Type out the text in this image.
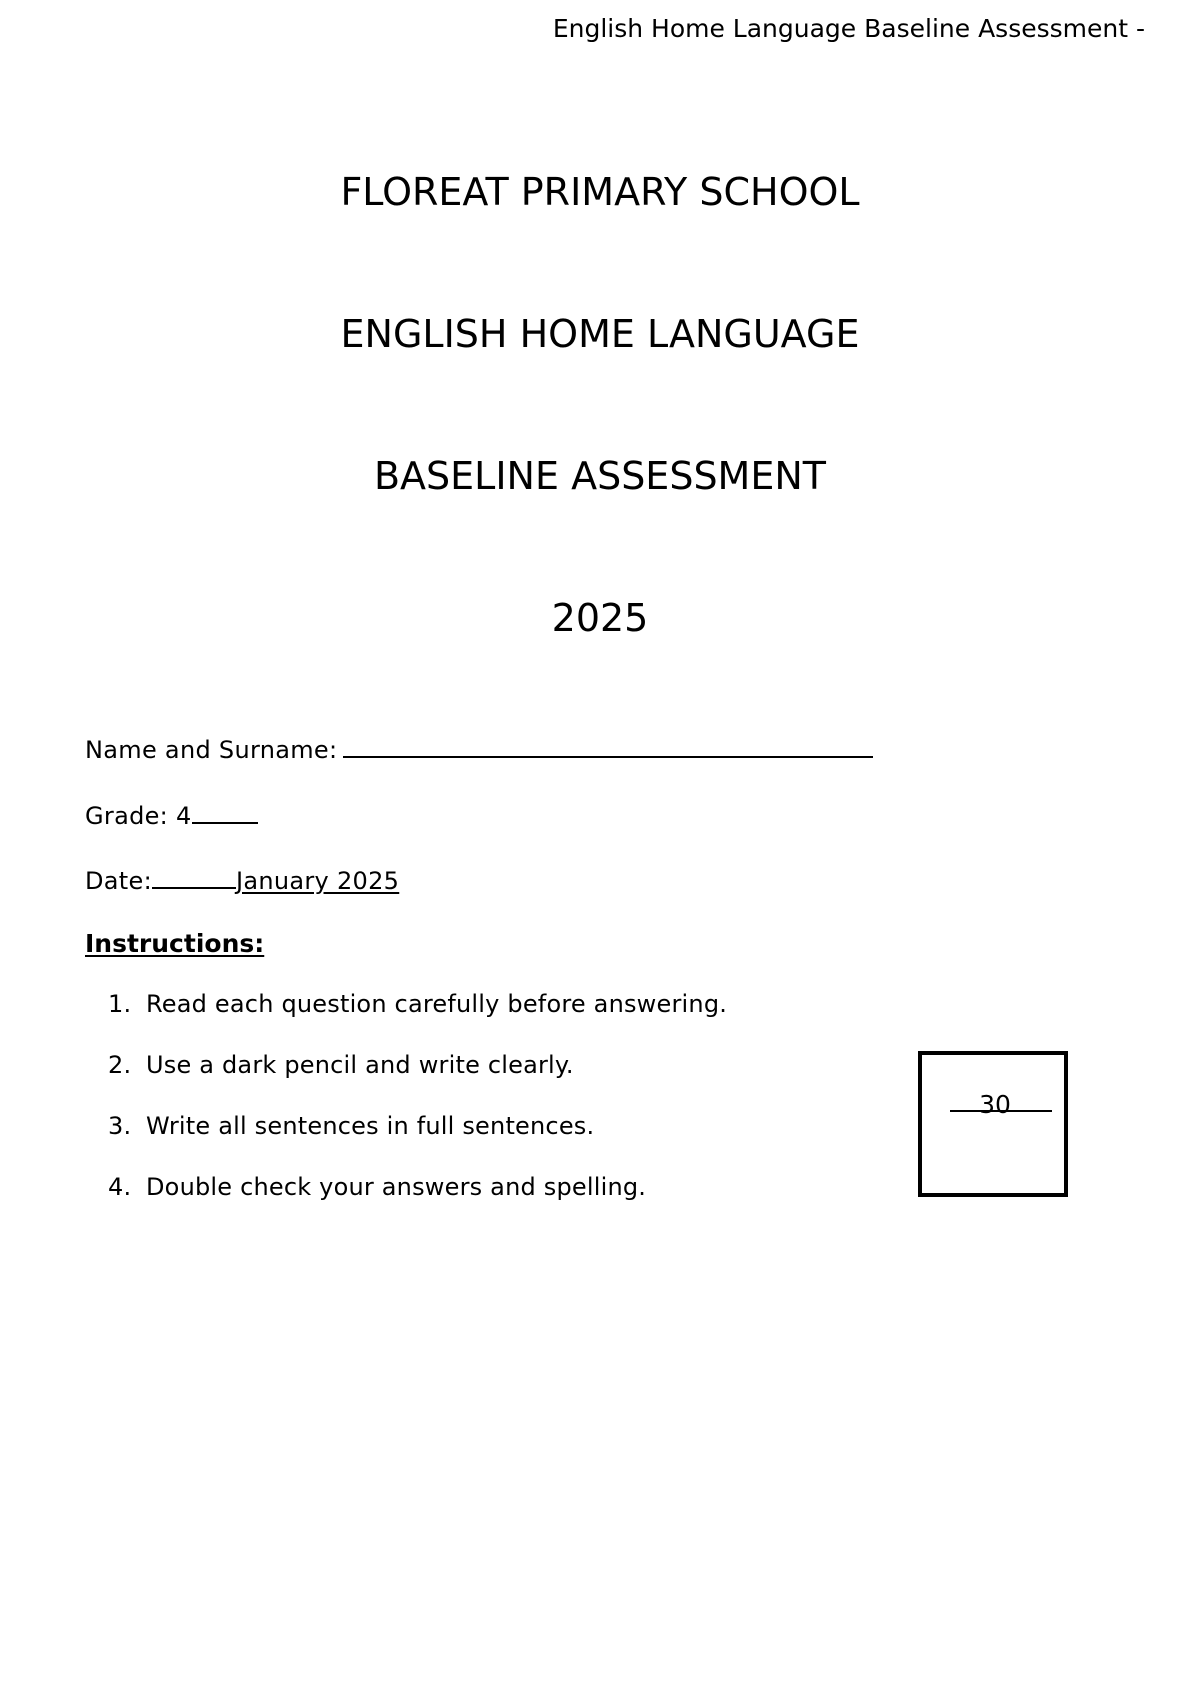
English Home Language Baseline Assessment -
FLOREAT PRIMARY SCHOOL
ENGLISH HOME LANGUAGE
BASELINE ASSESSMENT
2025
Name and Surname:
Grade: 4
Date:	January 2025
Instructions:
1. Read each question carefully before answering.
2. Use a dark pencil and write clearly.
3. Write all sentences in full sentences.
4. Double check your answers and spelling.
30
